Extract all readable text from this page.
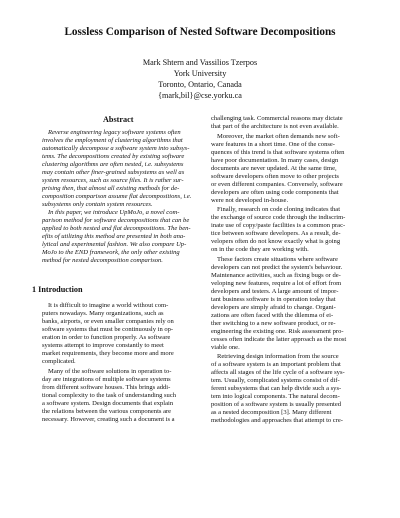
Lossless Comparison of Nested Software Decompositions
Mark Shtern and Vassilios Tzerpos
York University
Toronto, Ontario, Canada
{mark,bil}@cse.yorku.ca
Abstract
Reverse engineering legacy software systems often
involves the employment of clustering algorithms that
automatically decompose a software system into subsys-
tems. The decompositions created by existing software
clustering algorithms are often nested, i.e. subsystems
may contain other finer-grained subsystems as well as
system resources, such as source files. It is rather sur-
prising then, that almost all existing methods for de-
composition comparison assume flat decompositions, i.e.
subsystems only contain system resources.
In this paper, we introduce UpMoJo, a novel com-
parison method for software decompositions that can be
applied to both nested and flat decompositions. The ben-
efits of utilizing this method are presented in both ana-
lytical and experimental fashion. We also compare Up-
MoJo to the END framework, the only other existing
method for nested decomposition comparison.
1 Introduction
It is difficult to imagine a world without com-
puters nowadays. Many organizations, such as
banks, airports, or even smaller companies rely on
software systems that must be continuously in op-
eration in order to function properly. As software
systems attempt to improve constantly to meet
market requirements, they become more and more
complicated.
Many of the software solutions in operation to-
day are integrations of multiple software systems
from different software houses. This brings addi-
tional complexity to the task of understanding such
a software system. Design documents that explain
the relations between the various components are
necessary. However, creating such a document is a
challenging task. Commercial reasons may dictate
that part of the architecture is not even available.
Moreover, the market often demands new soft-
ware features in a short time. One of the conse-
quences of this trend is that software systems often
have poor documentation. In many cases, design
documents are never updated. At the same time,
software developers often move to other projects
or even different companies. Conversely, software
developers are often using code components that
were not developed in-house.
Finally, research on code cloning indicates that
the exchange of source code through the indiscrim-
inate use of copy/paste facilities is a common prac-
tice between software developers. As a result, de-
velopers often do not know exactly what is going
on in the code they are working with.
These factors create situations where software
developers can not predict the system's behaviour.
Maintenance activities, such as fixing bugs or de-
veloping new features, require a lot of effort from
developers and testers. A large amount of impor-
tant business software is in operation today that
developers are simply afraid to change. Organi-
zations are often faced with the dilemma of ei-
ther switching to a new software product, or re-
engineering the existing one. Risk assessment pro-
cesses often indicate the latter approach as the most
viable one.
Retrieving design information from the source
of a software system is an important problem that
affects all stages of the life cycle of a software sys-
tem. Usually, complicated systems consist of dif-
ferent subsystems that can help divide such a sys-
tem into logical components. The natural decom-
position of a software system is usually presented
as a nested decomposition [3]. Many different
methodologies and approaches that attempt to cre-
